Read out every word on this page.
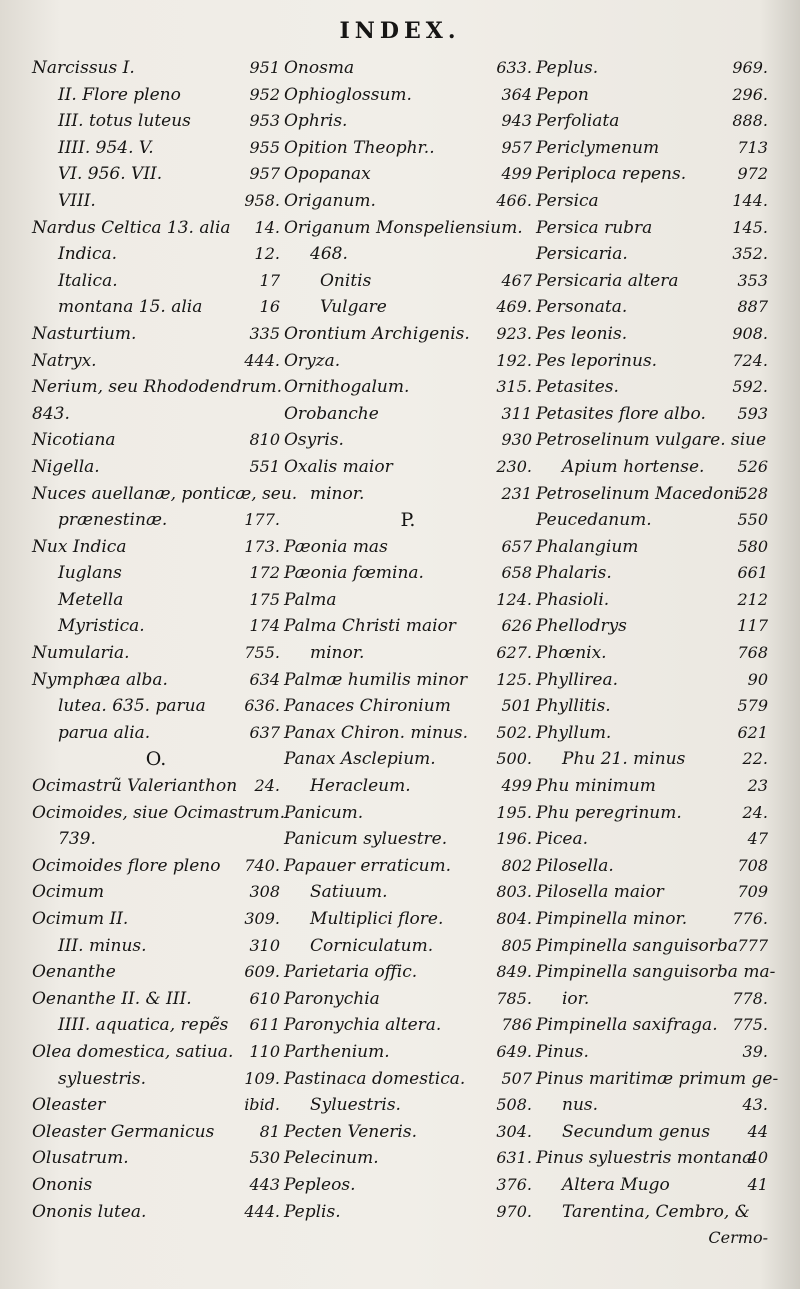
INDEX.
Narcissus I.	951
II. Flore pleno	952
III. totus luteus	953
IIII. 954. V.	955
VI. 956. VII.	957
VIII.	958.
Nardus Celtica 13. alia 14.
Indica.	12.
Italica.	17
montana 15. alia	16
Nasturtium.	335
Natryx.	444.
Nerium, seu Rhododendrum.
843.
Nicotiana	810
Nigella.	551
Nuces auellanæ, ponticæ, seu.
prænestinæ.	177.
Nux Indica	173.
Iuglans	172
Metella	175
Myristica.	174
Numularia.	755.
Nymphæa alba.	634
lutea. 635. parua 636.
parua alia.	637
O.
Ocimastrũ Valerianthon 24.
Ocimoides, siue Ocimastrum.
739.
Ocimoides flore pleno 740.
Ocimum	308
Ocimum II.	309.
III. minus.	310
Oenanthe	609.
Oenanthe II. & III.	610
IIII. aquatica, repẽs 611
Olea domestica, satiua. 110
syluestris.	109.
Oleaster	ibid.
Oleaster Germanicus	81
Olusatrum.	530
Ononis	443
Ononis lutea.	444.
Onosma	633.
Ophioglossum.	364
Ophris.	943
Opition Theophr..	957
Opopanax	499
Origanum.	466.
Origanum Monspeliensium.
468.
Onitis	467
Vulgare	469.
Orontium Archigenis. 923.
Oryza.	192.
Ornithogalum.	315.
Orobanche	311
Osyris.	930
Oxalis maior	230.
minor.	231
P.
Pæonia mas	657
Pæonia fœmina.	658
Palma	124.
Palma Christi maior	626
minor.	627.
Palmæ humilis minor 125.
Panaces Chironium	501
Panax Chiron. minus. 502.
Panax Asclepium.	500.
Heracleum.	499
Panicum.	195.
Panicum syluestre.	196.
Papauer erraticum.	802
Satiuum.	803.
Multiplici flore.	804.
Corniculatum.	805
Parietaria offic.	849.
Paronychia	785.
Paronychia altera.	786
Parthenium.	649.
Pastinaca domestica. 507
Syluestris.	508.
Pecten Veneris.	304.
Pelecinum.	631.
Pepleos.	376.
Peplis.	970.
Peplus.	969.
Pepon	296.
Perfoliata	888.
Periclymenum	713
Periploca repens.	972
Persica	144.
Persica rubra	145.
Persicaria.	352.
Persicaria altera	353
Personata.	887
Pes leonis.	908.
Pes leporinus.	724.
Petasites.	592.
Petasites flore albo. 593
Petroselinum vulgare. siue
Apium hortense. 526
Petroselinum Macedoni.
528
Peucedanum.	550
Phalangium	580
Phalaris.	661
Phasioli.	212
Phellodrys	117
Phœnix.	768
Phyllirea.	90
Phyllitis.	579
Phyllum.	621
Phu 21. minus	22.
Phu minimum	23
Phu peregrinum.	24.
Picea.	47
Pilosella.	708
Pilosella maior	709
Pimpinella minor.	776.
Pimpinella sanguisorba 777
Pimpinella sanguisorba ma-
ior.	778.
Pimpinella saxifraga. 775.
Pinus.	39.
Pinus maritimæ primum ge-
nus.	43.
Secundum genus 44
Pinus syluestris montana
40
Altera Mugo	41
Tarentina, Cembro, &
Cermo-
